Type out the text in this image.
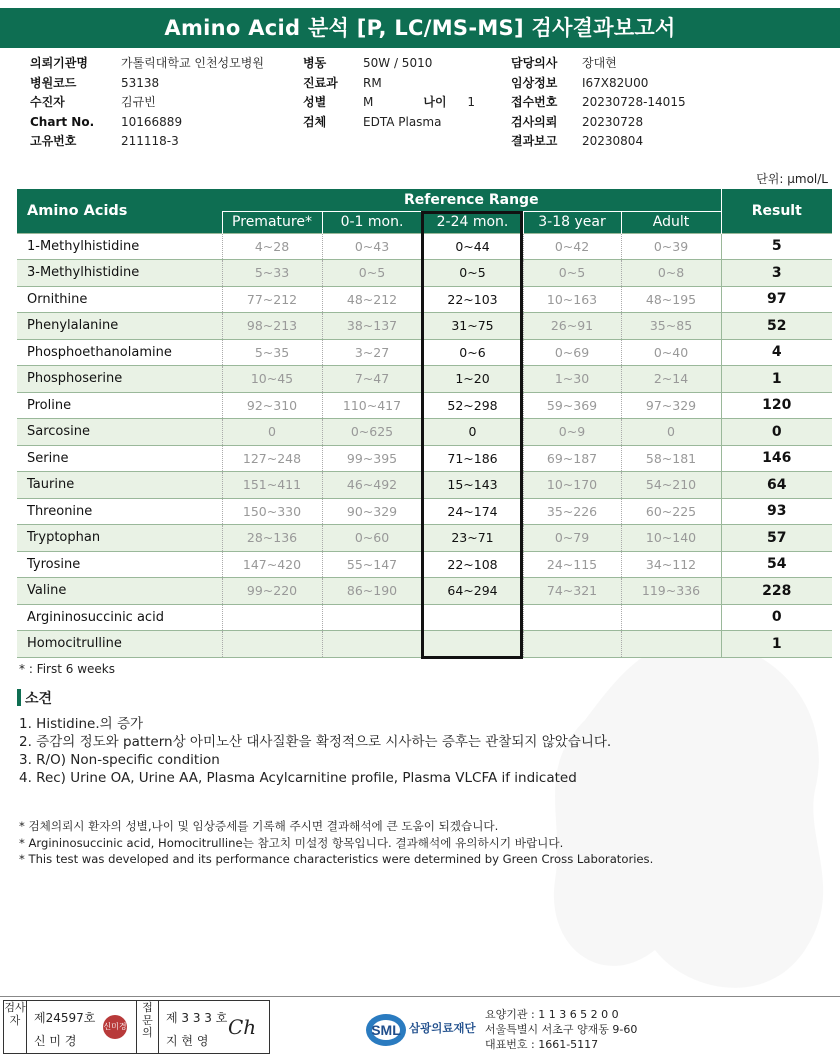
Amino Acid 분석 [P, LC/MS-MS] 검사결과보고서
의뢰기관명	가톨릭대학교 인천성모병원
병원코드	53138
수진자	김규빈
Chart No.	10166889
고유번호	211118-3
병동	50W / 5010
진료과	RM
성별	M	나이	1
검체	EDTA Plasma
담당의사	장대현
임상정보	I67X82U00
접수번호	20230728-14015
검사의뢰	20230728
결과보고	20230804
단위: μmol/L
Amino Acids	Reference Range					Result
	Premature*	0-1 mon.	2-24 mon.	3-18 year	Adult	
1-Methylhistidine	4~28	0~43	0~44	0~42	0~39	5
3-Methylhistidine	5~33	0~5	0~5	0~5	0~8	3
Ornithine	77~212	48~212	22~103	10~163	48~195	97
Phenylalanine	98~213	38~137	31~75	26~91	35~85	52
Phosphoethanolamine	5~35	3~27	0~6	0~69	0~40	4
Phosphoserine	10~45	7~47	1~20	1~30	2~14	1
Proline	92~310	110~417	52~298	59~369	97~329	120
Sarcosine	0	0~625	0	0~9	0	0
Serine	127~248	99~395	71~186	69~187	58~181	146
Taurine	151~411	46~492	15~143	10~170	54~210	64
Threonine	150~330	90~329	24~174	35~226	60~225	93
Tryptophan	28~136	0~60	23~71	0~79	10~140	57
Tyrosine	147~420	55~147	22~108	24~115	34~112	54
Valine	99~220	86~190	64~294	74~321	119~336	228
Argininosuccinic acid						0
Homocitrulline						1
* : First 6 weeks
소견
1. Histidine.의 증가
2. 증감의 정도와 pattern상 아미노산 대사질환을 확정적으로 시사하는 증후는 관찰되지 않았습니다.
3. R/O) Non-specific condition
4. Rec) Urine OA, Urine AA, Plasma Acylcarnitine profile, Plasma VLCFA if indicated
* 검체의뢰시 환자의 성별,나이 및 임상증세를 기록해 주시면 결과해석에 큰 도움이 되겠습니다.
* Argininosuccinic acid, Homocitrulline는 참고치 미설정 항목입니다. 결과해석에 유의하시기 바랍니다.
* This test was developed and its performance characteristics were determined by Green Cross Laboratories.
검사자	제24597호
신 미 경
신미경
접문의
제 3 3 3 호
지 현 영
Ch	SML 삼광의료재단
요양기관 : 1 1 3 6 5 2 0 0
서울특별시 서초구 양재동 9-60
대표번호 : 1661-5117
